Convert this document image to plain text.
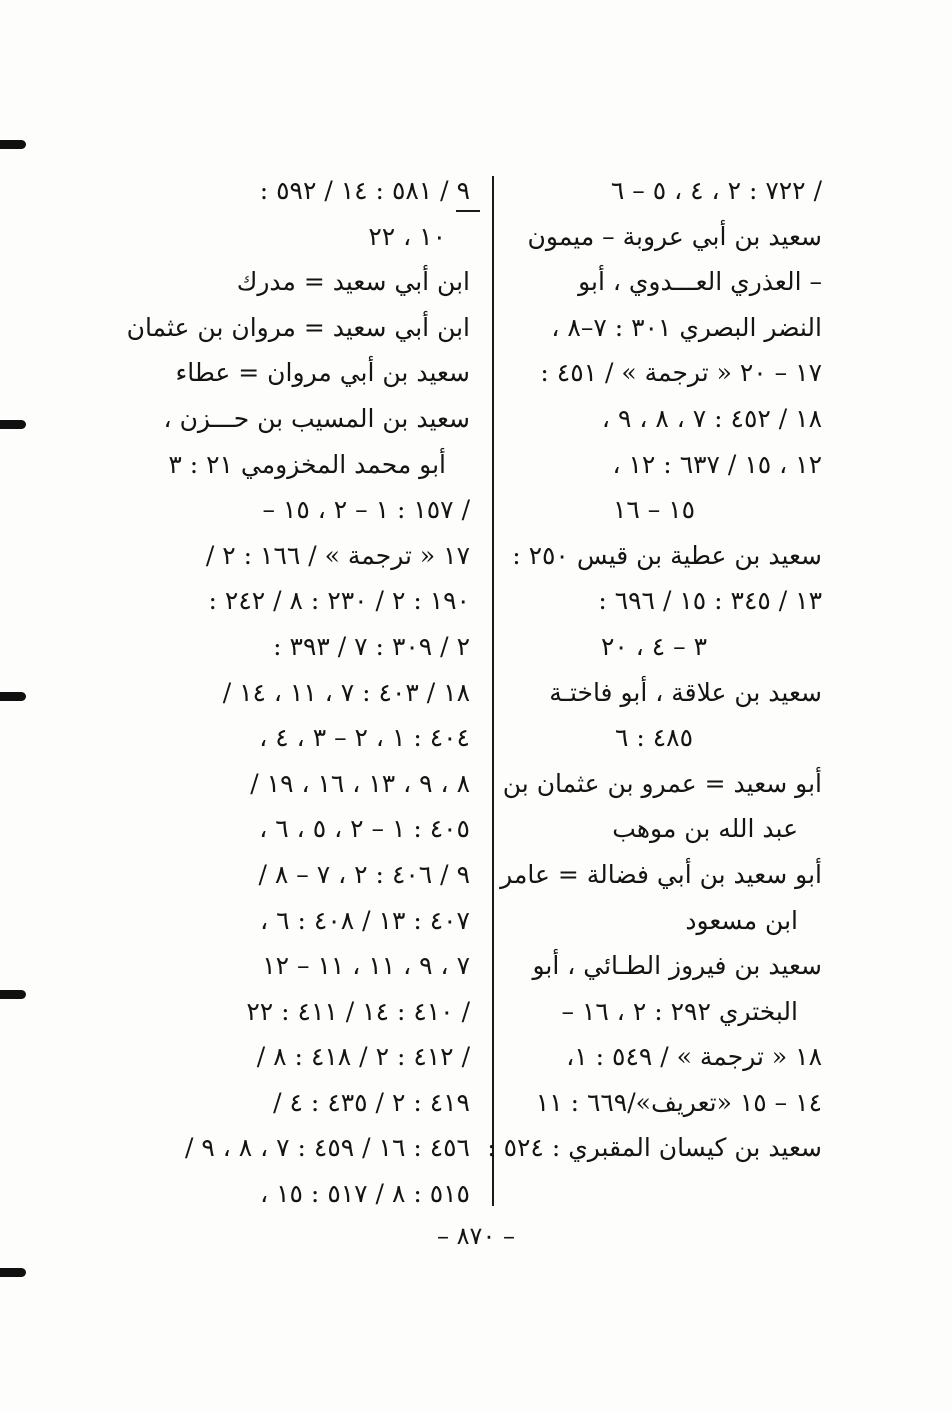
/ ٧٢٢ : ٢ ، ٤ ، ٥ – ٦
سعيد بن أبي عروبة – ميمون
– العذري العـــدوي ، أبو
النضر البصري ٣٠١ : ٧–٨ ،
١٧ – ٢٠ « ترجمة » / ٤٥١ :
١٨ / ٤٥٢ : ٧ ، ٨ ، ٩ ،
١٢ ، ١٥ / ٦٣٧ : ١٢ ،
١٥ – ١٦
سعيد بن عطية بن قيس ٢٥٠ :
١٣ / ٣٤٥ : ١٥ / ٦٩٦ :
٣ – ٤ ، ٢٠
سعيد بن علاقة ، أبو فاختـة
٤٨٥ : ٦
أبو سعيد = عمرو بن عثمان بن
عبد الله بن موهب
أبو سعيد بن أبي فضالة = عامر
ابن مسعود
سعيد بن فيروز الطـائي ، أبو
البختري ٢٩٢ : ٢ ، ١٦ –
١٨ « ترجمة » / ٥٤٩ : ١،
١٤ – ١٥ «تعريف»/٦٦٩ : ١١
سعيد بن كيسان المقبري : ٥٢٤ :
٩ / ٥٨١ : ١٤ / ٥٩٢ :
١٠ ، ٢٢
ابن أبي سعيد = مدرك
ابن أبي سعيد = مروان بن عثمان
سعيد بن أبي مروان = عطاء
سعيد بن المسيب بن حـــزن ،
أبو محمد المخزومي ٢١ : ٣
/ ١٥٧ : ١ – ٢ ، ١٥ –
١٧ « ترجمة » / ١٦٦ : ٢ /
١٩٠ : ٢ / ٢٣٠ : ٨ / ٢٤٢ :
٢ / ٣٠٩ : ٧ / ٣٩٣ :
١٨ / ٤٠٣ : ٧ ، ١١ ، ١٤ /
٤٠٤ : ١ ، ٢ – ٣ ، ٤ ،
٨ ، ٩ ، ١٣ ، ١٦ ، ١٩ /
٤٠٥ : ١ – ٢ ، ٥ ، ٦ ،
٩ / ٤٠٦ : ٢ ، ٧ – ٨ /
٤٠٧ : ١٣ / ٤٠٨ : ٦ ،
٧ ، ٩ ، ١١ ، ١١ – ١٢
/ ٤١٠ : ١٤ / ٤١١ : ٢٢
/ ٤١٢ : ٢ / ٤١٨ : ٨ /
٤١٩ : ٢ / ٤٣٥ : ٤ /
٤٥٦ : ١٦ / ٤٥٩ : ٧ ، ٨ ، ٩ /
٥١٥ : ٨ / ٥١٧ : ١٥ ،
– ٨٧٠ –
